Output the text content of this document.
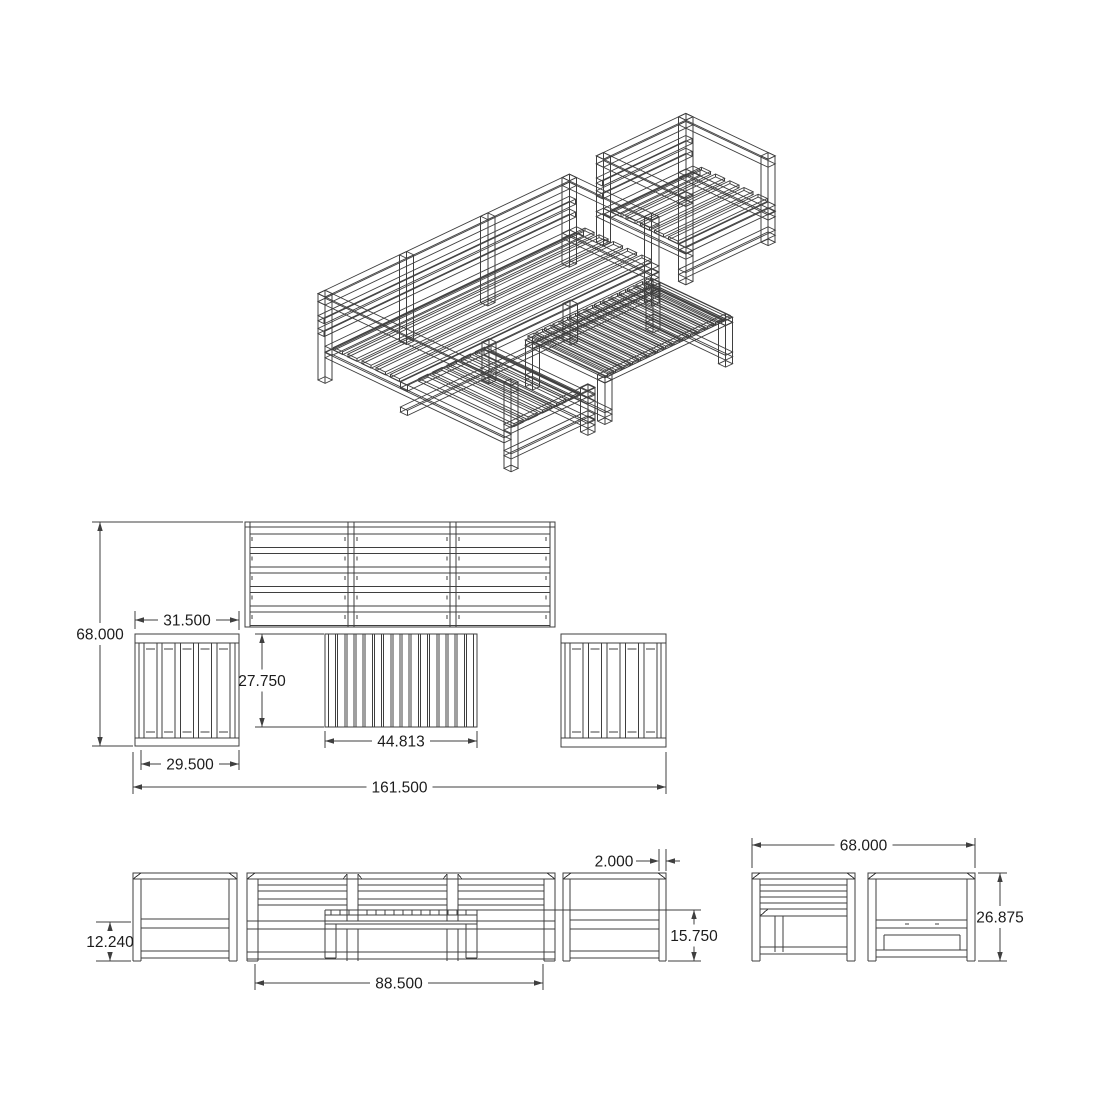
68.000
31.500
29.500
27.750
44.813
161.500
12.240
88.500
2.000
15.750
68.000
26.875
